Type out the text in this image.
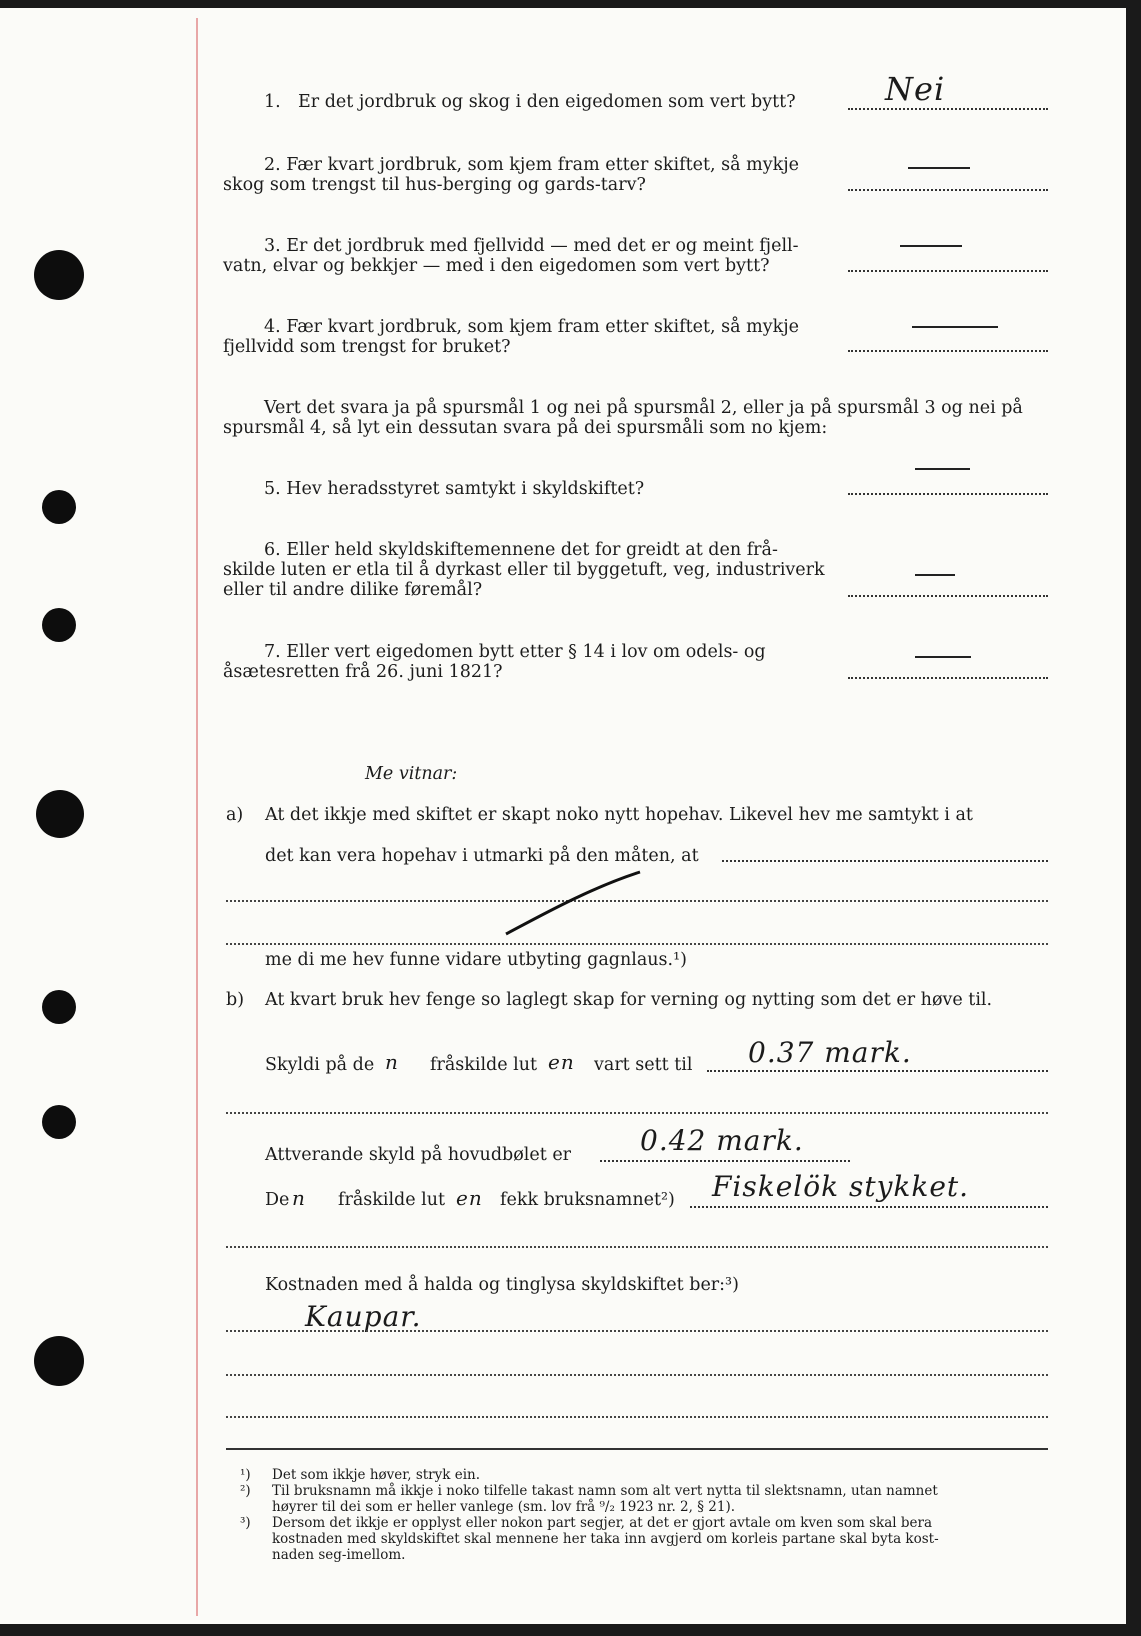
1. Er det jordbruk og skog i den eigedomen som vert bytt?	Nei
2. Fær kvart jordbruk, som kjem fram etter skiftet, så mykje
skog som trengst til hus-berging og gards-tarv?
3. Er det jordbruk med fjellvidd — med det er og meint fjell-
vatn, elvar og bekkjer — med i den eigedomen som vert bytt?
4. Fær kvart jordbruk, som kjem fram etter skiftet, så mykje
fjellvidd som trengst for bruket?
Vert det svara ja på spursmål 1 og nei på spursmål 2, eller ja på spursmål 3 og nei på
spursmål 4, så lyt ein dessutan svara på dei spursmåli som no kjem:
5. Hev heradsstyret samtykt i skyldskiftet?
6. Eller held skyldskiftemennene det for greidt at den frå-
skilde luten er etla til å dyrkast eller til byggetuft, veg, industriverk
eller til andre dilike føremål?
7. Eller vert eigedomen bytt etter § 14 i lov om odels- og
åsætesretten frå 26. juni 1821?
Me vitnar:
a) At det ikkje med skiftet er skapt noko nytt hopehav. Likevel hev me samtykt i at
det kan vera hopehav i utmarki på den måten, at
me di me hev funne vidare utbyting gagnlaus.¹)
b) At kvart bruk hev fenge so laglegt skap for verning og nytting som det er høve til.
Skyldi på de n fråskilde lut en vart sett til 0.37 mark.
Attverande skyld på hovudbølet er 0.42 mark.
De n fråskilde lut en fekk bruksnamnet²) Fiskelök stykket.
Kostnaden med å halda og tinglysa skyldskiftet ber:³)
Kaupar.
¹) Det som ikkje høver, stryk ein.
²) Til bruksnamn må ikkje i noko tilfelle takast namn som alt vert nytta til slektsnamn, utan namnet
høyrer til dei som er heller vanlege (sm. lov frå ⁹/₂ 1923 nr. 2, § 21).
³) Dersom det ikkje er opplyst eller nokon part segjer, at det er gjort avtale om kven som skal bera
kostnaden med skyldskiftet skal mennene her taka inn avgjerd om korleis partane skal byta kost-
naden seg-imellom.
